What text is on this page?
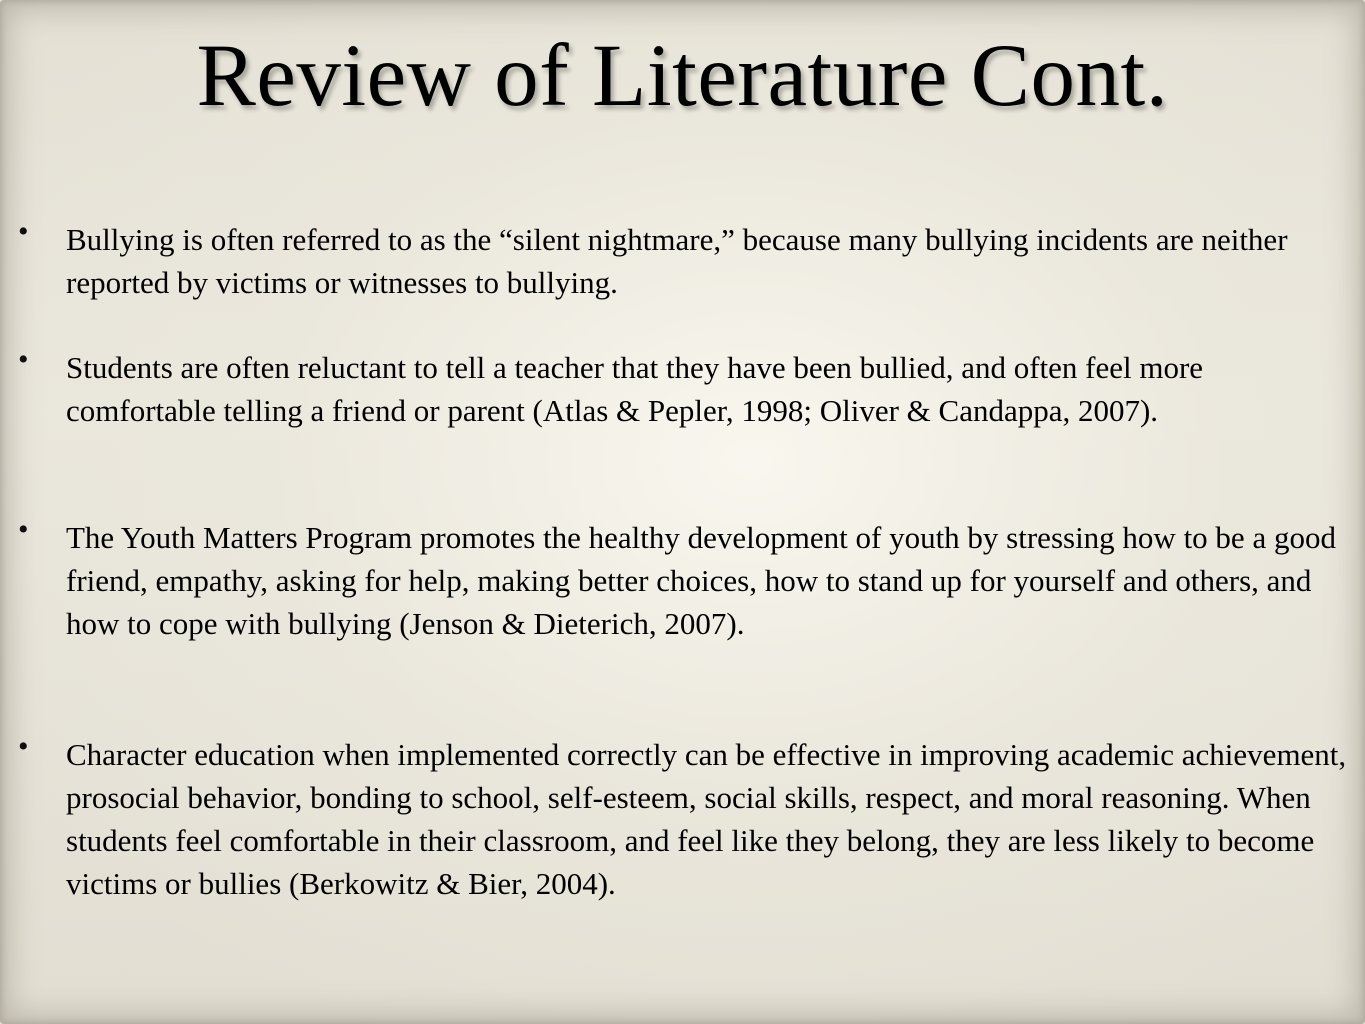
Review of Literature Cont.
• Bullying is often referred to as the “silent nightmare,” because many bullying incidents are neither reported by victims or witnesses to bullying.
• Students are often reluctant to tell a teacher that they have been bullied, and often feel more comfortable telling a friend or parent (Atlas & Pepler, 1998; Oliver & Candappa, 2007).
• The Youth Matters Program promotes the healthy development of youth by stressing how to be a good friend, empathy, asking for help, making better choices, how to stand up for yourself and others, and how to cope with bullying (Jenson & Dieterich, 2007).
• Character education when implemented correctly can be effective in improving academic achievement, prosocial behavior, bonding to school, self-esteem, social skills, respect, and moral reasoning. When students feel comfortable in their classroom, and feel like they belong, they are less likely to become victims or bullies (Berkowitz & Bier, 2004).
